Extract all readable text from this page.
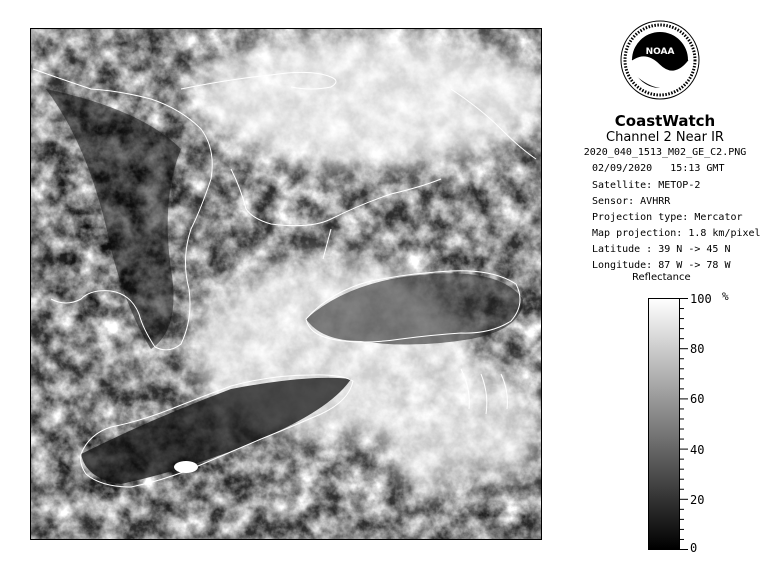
NOAA
CoastWatch
Channel 2 Near IR
2020_040_1513_M02_GE_C2.PNG
02/09/2020 15:13 GMT
Satellite: METOP-2
Sensor: AVHRR
Projection type: Mercator
Map projection: 1.8 km/pixel
Latitude : 39 N -> 45 N
Longitude: 87 W -> 78 W
Reflectance
100
80
60
40
20
0
%
